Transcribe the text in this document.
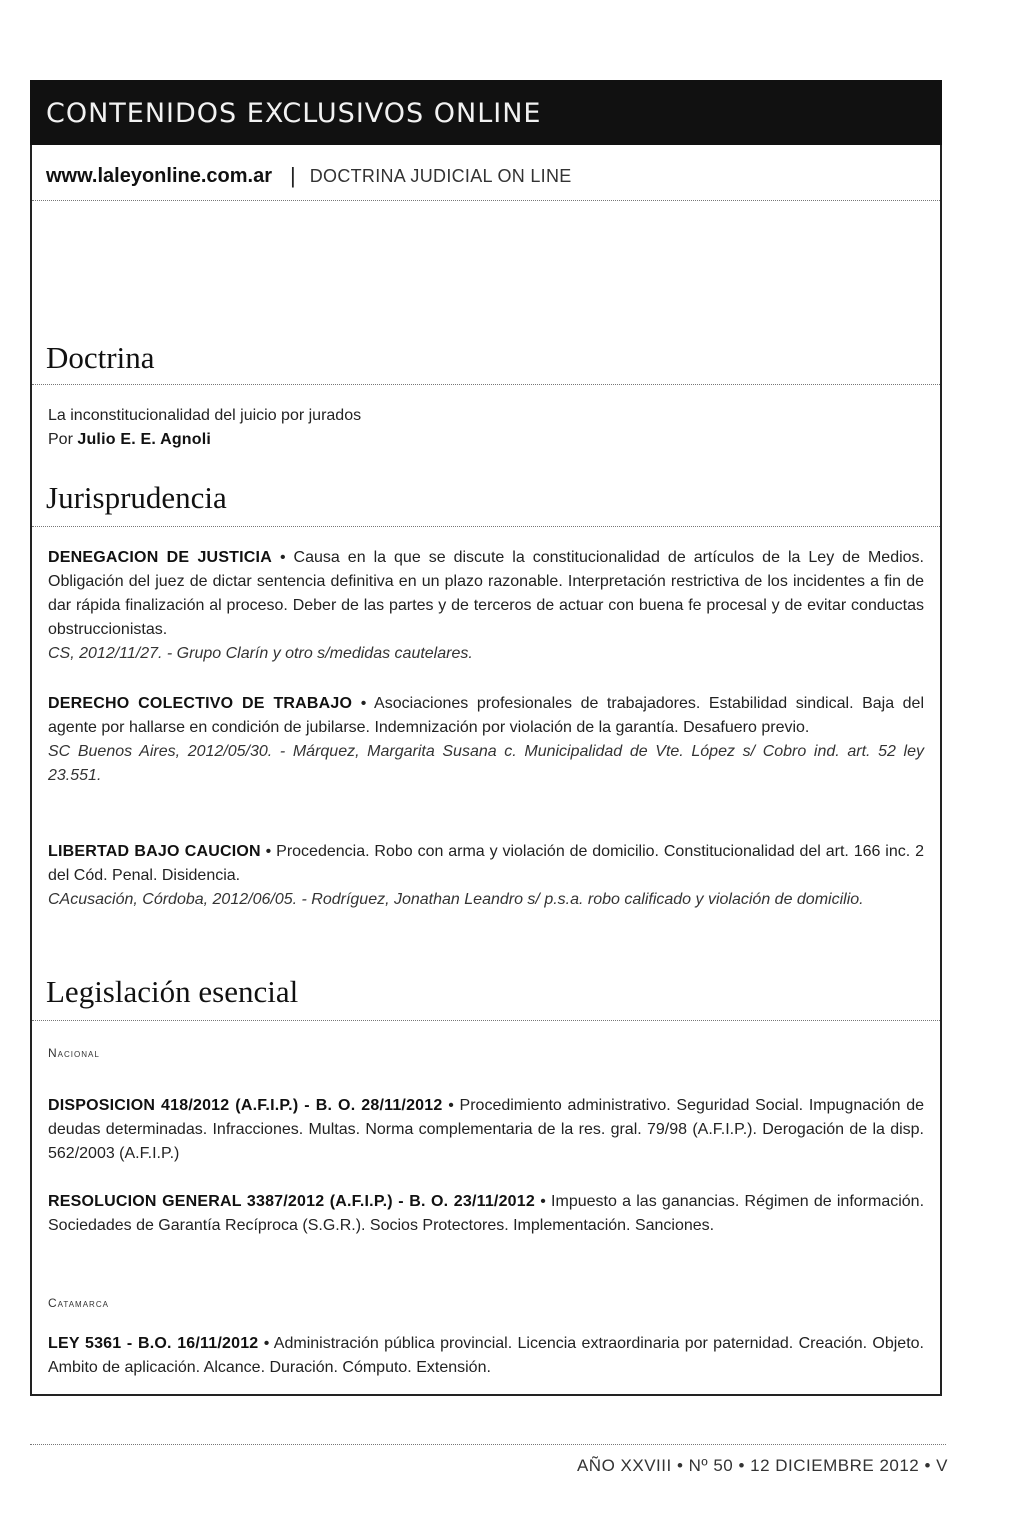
CONTENIDOS EXCLUSIVOS ONLINE
www.laleyonline.com.ar | DOCTRINA JUDICIAL ON LINE
Doctrina
La inconstitucionalidad del juicio por jurados
Por Julio E. E. Agnoli
Jurisprudencia
DENEGACION DE JUSTICIA • Causa en la que se discute la constitucionalidad de artículos de la Ley de Medios. Obligación del juez de dictar sentencia definitiva en un plazo razonable. Interpretación restrictiva de los incidentes a fin de dar rápida finalización al proceso. Deber de las partes y de terceros de actuar con buena fe procesal y de evitar conductas obstruccionistas.
CS, 2012/11/27. - Grupo Clarín y otro s/medidas cautelares.
DERECHO COLECTIVO DE TRABAJO • Asociaciones profesionales de trabajadores. Estabilidad sindical. Baja del agente por hallarse en condición de jubilarse. Indemnización por violación de la garantía. Desafuero previo.
SC Buenos Aires, 2012/05/30. - Márquez, Margarita Susana c. Municipalidad de Vte. López s/ Cobro ind. art. 52 ley 23.551.
LIBERTAD BAJO CAUCION • Procedencia. Robo con arma y violación de domicilio. Constitucionalidad del art. 166 inc. 2 del Cód. Penal. Disidencia.
CAcusación, Córdoba, 2012/06/05. - Rodríguez, Jonathan Leandro s/ p.s.a. robo calificado y violación de domicilio.
Legislación esencial
Nacional
DISPOSICION 418/2012 (A.F.I.P.) - B. O. 28/11/2012 • Procedimiento administrativo. Seguridad Social. Impugnación de deudas determinadas. Infracciones. Multas. Norma complementaria de la res. gral. 79/98 (A.F.I.P.). Derogación de la disp. 562/2003 (A.F.I.P.)
RESOLUCION GENERAL 3387/2012 (A.F.I.P.) - B. O. 23/11/2012 • Impuesto a las ganancias. Régimen de información. Sociedades de Garantía Recíproca (S.G.R.). Socios Protectores. Implementación. Sanciones.
Catamarca
LEY 5361 - B.O. 16/11/2012 • Administración pública provincial. Licencia extraordinaria por paternidad. Creación. Objeto. Ambito de aplicación. Alcance. Duración. Cómputo. Extensión.
AÑO XXVIII • Nº 50 • 12 DICIEMBRE 2012 • V
